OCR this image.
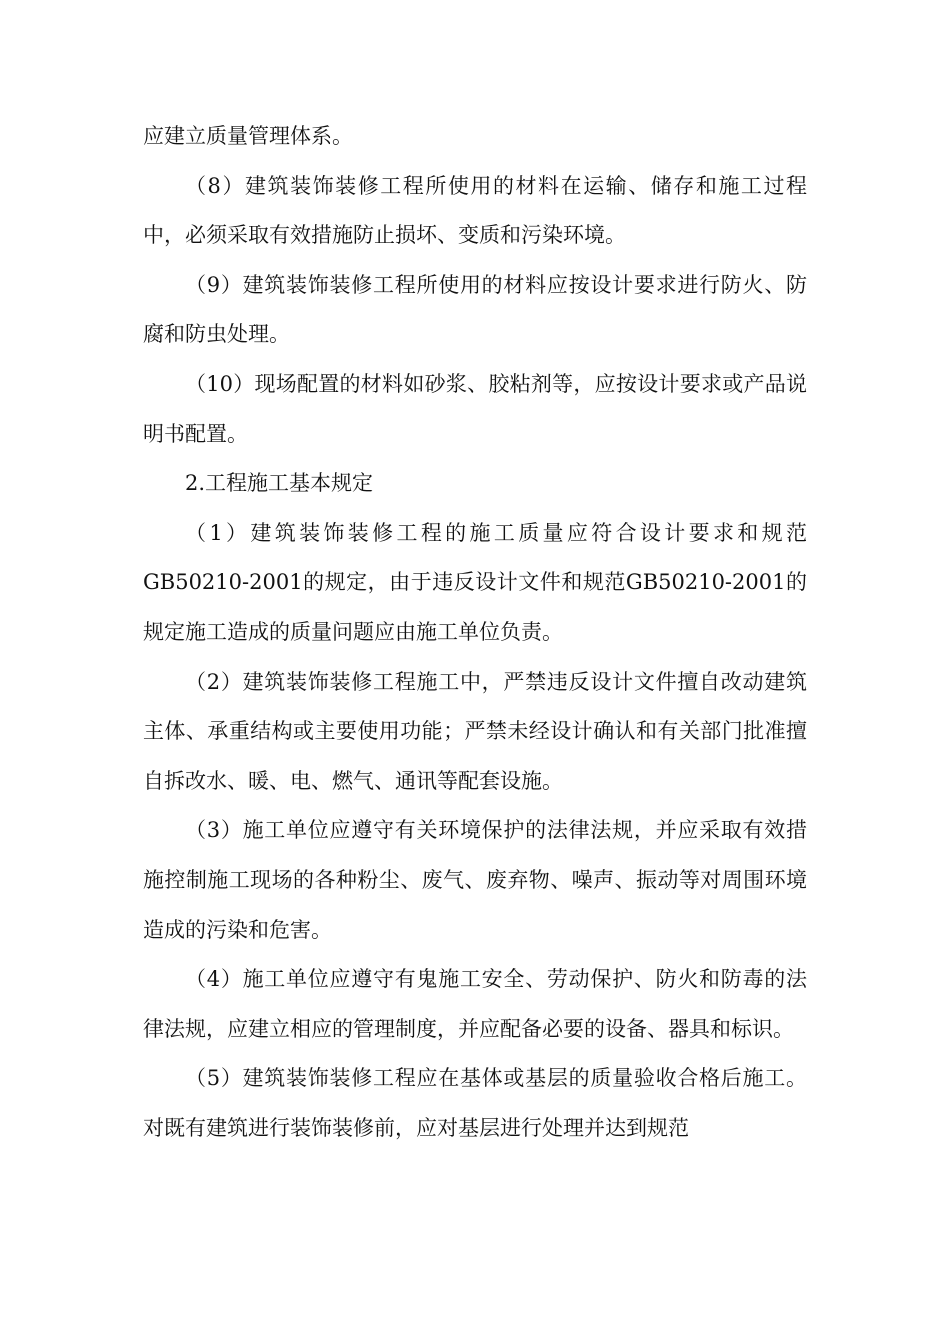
应建立质量管理体系。

（8）建筑装饰装修工程所使用的材料在运输、储存和施工过程中，必须采取有效措施防止损坏、变质和污染环境。

（9）建筑装饰装修工程所使用的材料应按设计要求进行防火、防腐和防虫处理。

（10）现场配置的材料如砂浆、胶粘剂等，应按设计要求或产品说明书配置。

2.工程施工基本规定

（1）建筑装饰装修工程的施工质量应符合设计要求和规范GB50210-2001的规定，由于违反设计文件和规范GB50210-2001的规定施工造成的质量问题应由施工单位负责。

（2）建筑装饰装修工程施工中，严禁违反设计文件擅自改动建筑主体、承重结构或主要使用功能；严禁未经设计确认和有关部门批准擅自拆改水、暖、电、燃气、通讯等配套设施。

（3）施工单位应遵守有关环境保护的法律法规，并应采取有效措施控制施工现场的各种粉尘、废气、废弃物、噪声、振动等对周围环境造成的污染和危害。

（4）施工单位应遵守有鬼施工安全、劳动保护、防火和防毒的法律法规，应建立相应的管理制度，并应配备必要的设备、器具和标识。

（5）建筑装饰装修工程应在基体或基层的质量验收合格后施工。对既有建筑进行装饰装修前，应对基层进行处理并达到规范
